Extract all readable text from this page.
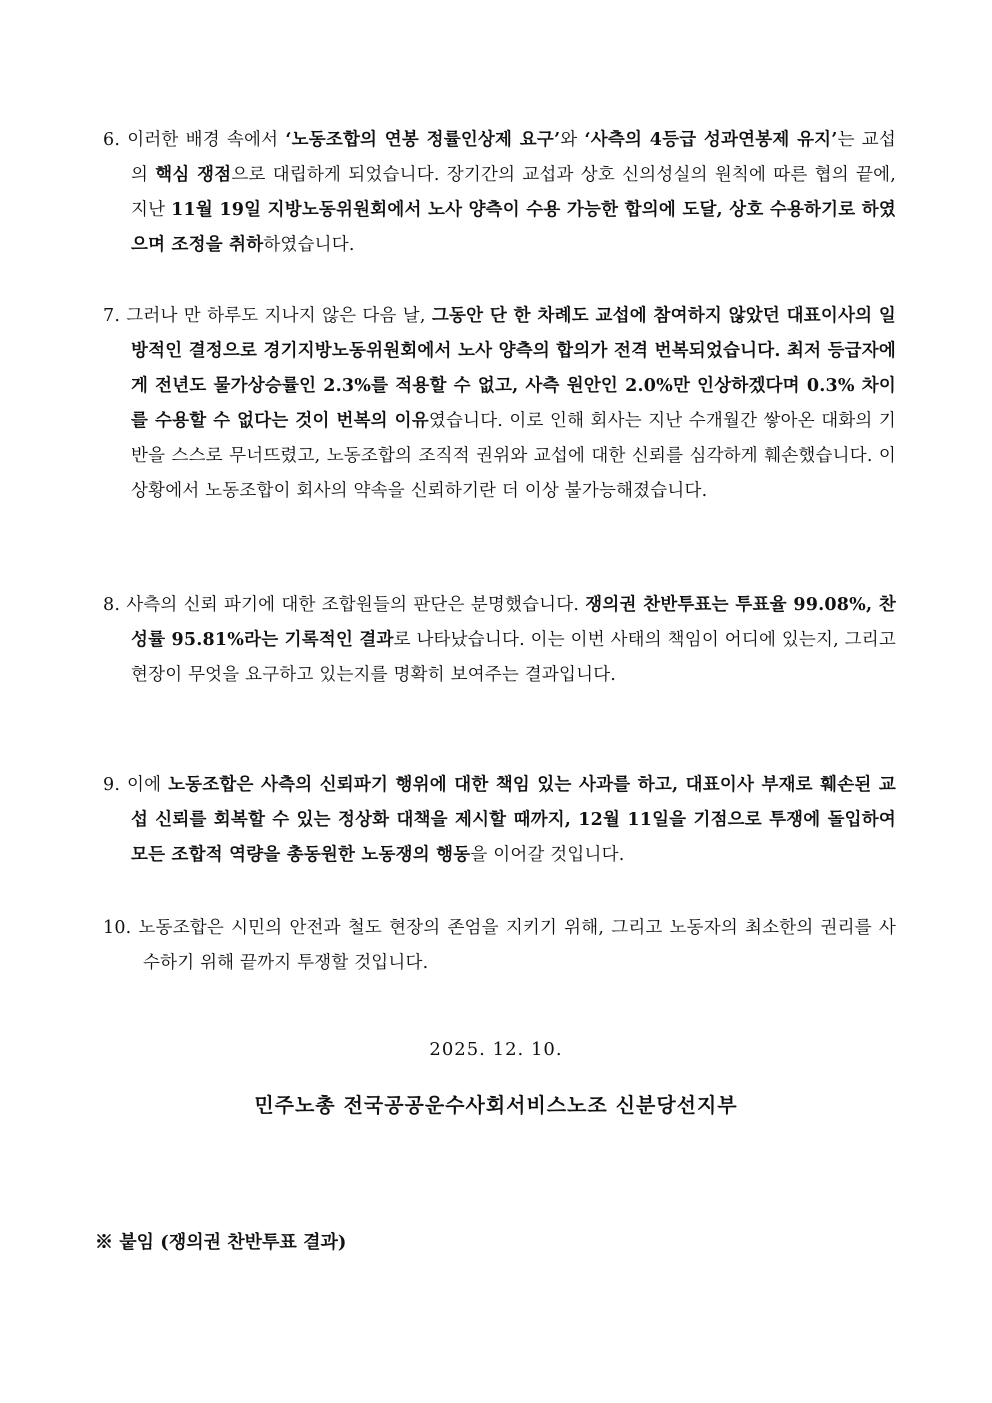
6. 이러한 배경 속에서 ‘노동조합의 연봉 정률인상제 요구’와 ‘사측의 4등급 성과연봉제 유지’는 교섭의 핵심 쟁점으로 대립하게 되었습니다. 장기간의 교섭과 상호 신의성실의 원칙에 따른 협의 끝에, 지난 11월 19일 지방노동위원회에서 노사 양측이 수용 가능한 합의에 도달, 상호 수용하기로 하였으며 조정을 취하하였습니다.
7. 그러나 만 하루도 지나지 않은 다음 날, 그동안 단 한 차례도 교섭에 참여하지 않았던 대표이사의 일방적인 결정으로 경기지방노동위원회에서 노사 양측의 합의가 전격 번복되었습니다. 최저 등급자에게 전년도 물가상승률인 2.3%를 적용할 수 없고, 사측 원안인 2.0%만 인상하겠다며 0.3% 차이를 수용할 수 없다는 것이 번복의 이유였습니다. 이로 인해 회사는 지난 수개월간 쌓아온 대화의 기반을 스스로 무너뜨렸고, 노동조합의 조직적 권위와 교섭에 대한 신뢰를 심각하게 훼손했습니다. 이 상황에서 노동조합이 회사의 약속을 신뢰하기란 더 이상 불가능해졌습니다.
8. 사측의 신뢰 파기에 대한 조합원들의 판단은 분명했습니다. 쟁의권 찬반투표는 투표율 99.08%, 찬성률 95.81%라는 기록적인 결과로 나타났습니다. 이는 이번 사태의 책임이 어디에 있는지, 그리고 현장이 무엇을 요구하고 있는지를 명확히 보여주는 결과입니다.
9. 이에 노동조합은 사측의 신뢰파기 행위에 대한 책임 있는 사과를 하고, 대표이사 부재로 훼손된 교섭 신뢰를 회복할 수 있는 정상화 대책을 제시할 때까지, 12월 11일을 기점으로 투쟁에 돌입하여 모든 조합적 역량을 총동원한 노동쟁의 행동을 이어갈 것입니다.
10. 노동조합은 시민의 안전과 철도 현장의 존엄을 지키기 위해, 그리고 노동자의 최소한의 권리를 사수하기 위해 끝까지 투쟁할 것입니다.
2025. 12. 10.
민주노총 전국공공운수사회서비스노조 신분당선지부
※ 붙임 (쟁의권 찬반투표 결과)
